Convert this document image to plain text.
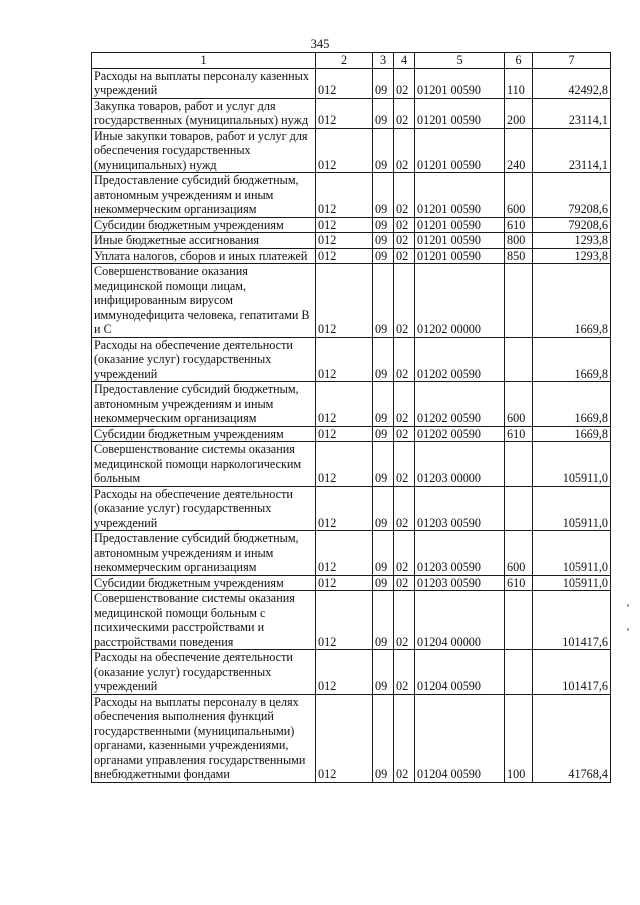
345
1	2	3	4	5	6	7
Расходы на выплаты персоналу казенных учреждений	012	09	02	01201 00590	110	42492,8
Закупка товаров, работ и услуг для государственных (муниципальных) нужд	012	09	02	01201 00590	200	23114,1
Иные закупки товаров, работ и услуг для обеспечения государственных (муниципальных) нужд	012	09	02	01201 00590	240	23114,1
Предоставление субсидий бюджетным, автономным учреждениям и иным некоммерческим организациям	012	09	02	01201 00590	600	79208,6
Субсидии бюджетным учреждениям	012	09	02	01201 00590	610	79208,6
Иные бюджетные ассигнования	012	09	02	01201 00590	800	1293,8
Уплата налогов, сборов и иных платежей	012	09	02	01201 00590	850	1293,8
Совершенствование оказания медицинской помощи лицам, инфицированным вирусом иммунодефицита человека, гепатитами В и С	012	09	02	01202 00000		1669,8
Расходы на обеспечение деятельности (оказание услуг) государственных учреждений	012	09	02	01202 00590		1669,8
Предоставление субсидий бюджетным, автономным учреждениям и иным некоммерческим организациям	012	09	02	01202 00590	600	1669,8
Субсидии бюджетным учреждениям	012	09	02	01202 00590	610	1669,8
Совершенствование системы оказания медицинской помощи наркологическим больным	012	09	02	01203 00000		105911,0
Расходы на обеспечение деятельности (оказание услуг) государственных учреждений	012	09	02	01203 00590		105911,0
Предоставление субсидий бюджетным, автономным учреждениям и иным некоммерческим организациям	012	09	02	01203 00590	600	105911,0
Субсидии бюджетным учреждениям	012	09	02	01203 00590	610	105911,0
Совершенствование системы оказания медицинской помощи больным с психическими расстройствами и расстройствами поведения	012	09	02	01204 00000		101417,6
Расходы на обеспечение деятельности (оказание услуг) государственных учреждений	012	09	02	01204 00590		101417,6
Расходы на выплаты персоналу в целях обеспечения выполнения функций государственными (муниципальными) органами, казенными учреждениями, органами управления государственными внебюджетными фондами	012	09	02	01204 00590	100	41768,4
